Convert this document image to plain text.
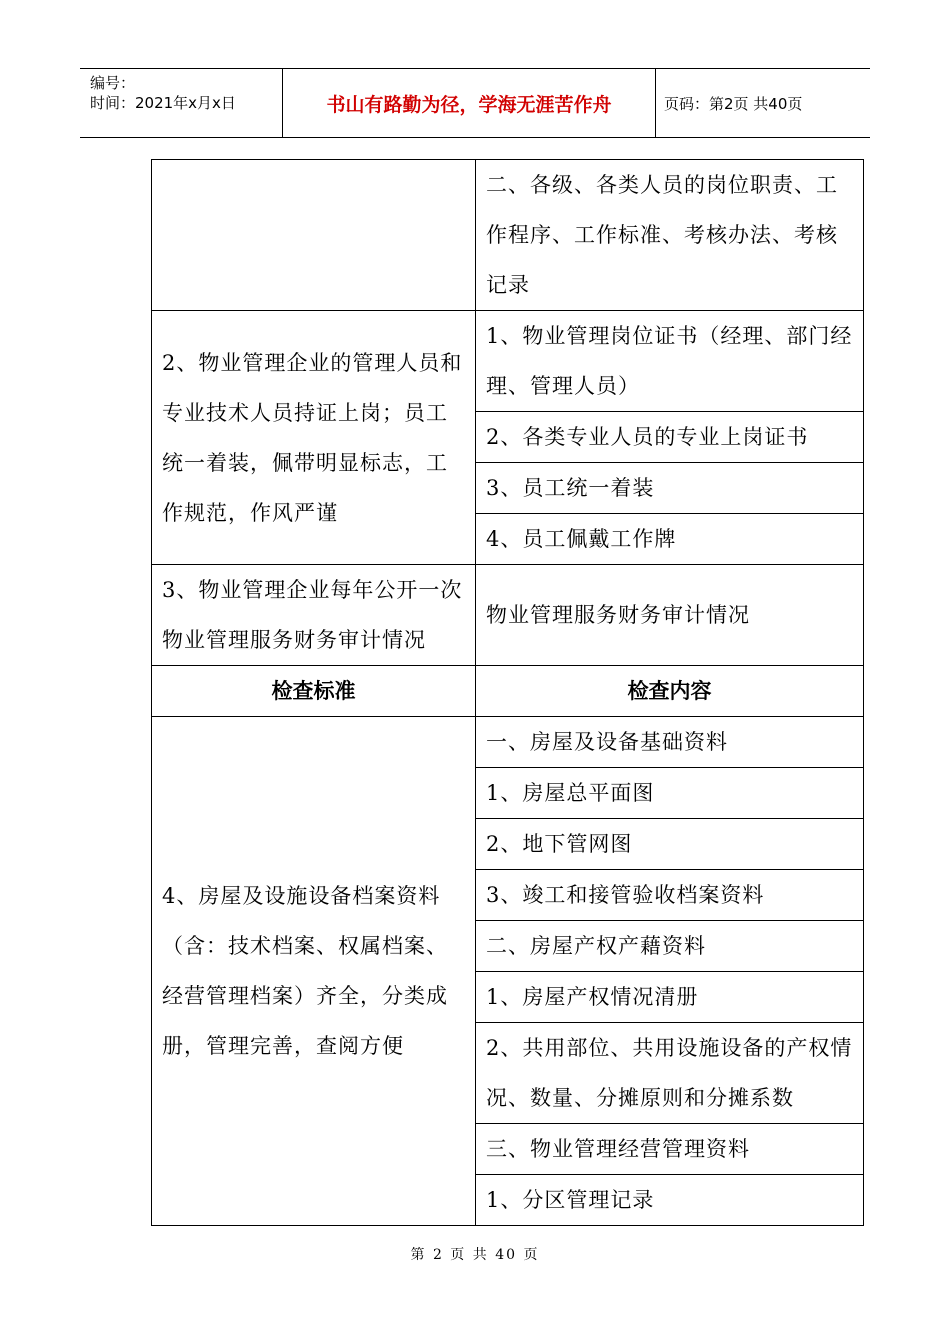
编号：
时间：2021年x月x日	书山有路勤为径，学海无涯苦作舟	页码：第2页 共40页
	二、各级、各类人员的岗位职责、工作程序、工作标准、考核办法、考核记录
2、物业管理企业的管理人员和专业技术人员持证上岗；员工统一着装，佩带明显标志，工作规范，作风严谨	1、物业管理岗位证书（经理、部门经理、管理人员）
	2、各类专业人员的专业上岗证书
	3、员工统一着装
	4、员工佩戴工作牌
3、物业管理企业每年公开一次物业管理服务财务审计情况	物业管理服务财务审计情况
检查标准	检查内容
4、房屋及设施设备档案资料（含：技术档案、权属档案、经营管理档案）齐全，分类成册，管理完善，查阅方便	一、房屋及设备基础资料
	1、房屋总平面图
	2、地下管网图
	3、竣工和接管验收档案资料
	二、房屋产权产藉资料
	1、房屋产权情况清册
	2、共用部位、共用设施设备的产权情况、数量、分摊原则和分摊系数
	三、物业管理经营管理资料
	1、分区管理记录
第 2 页 共 40 页
